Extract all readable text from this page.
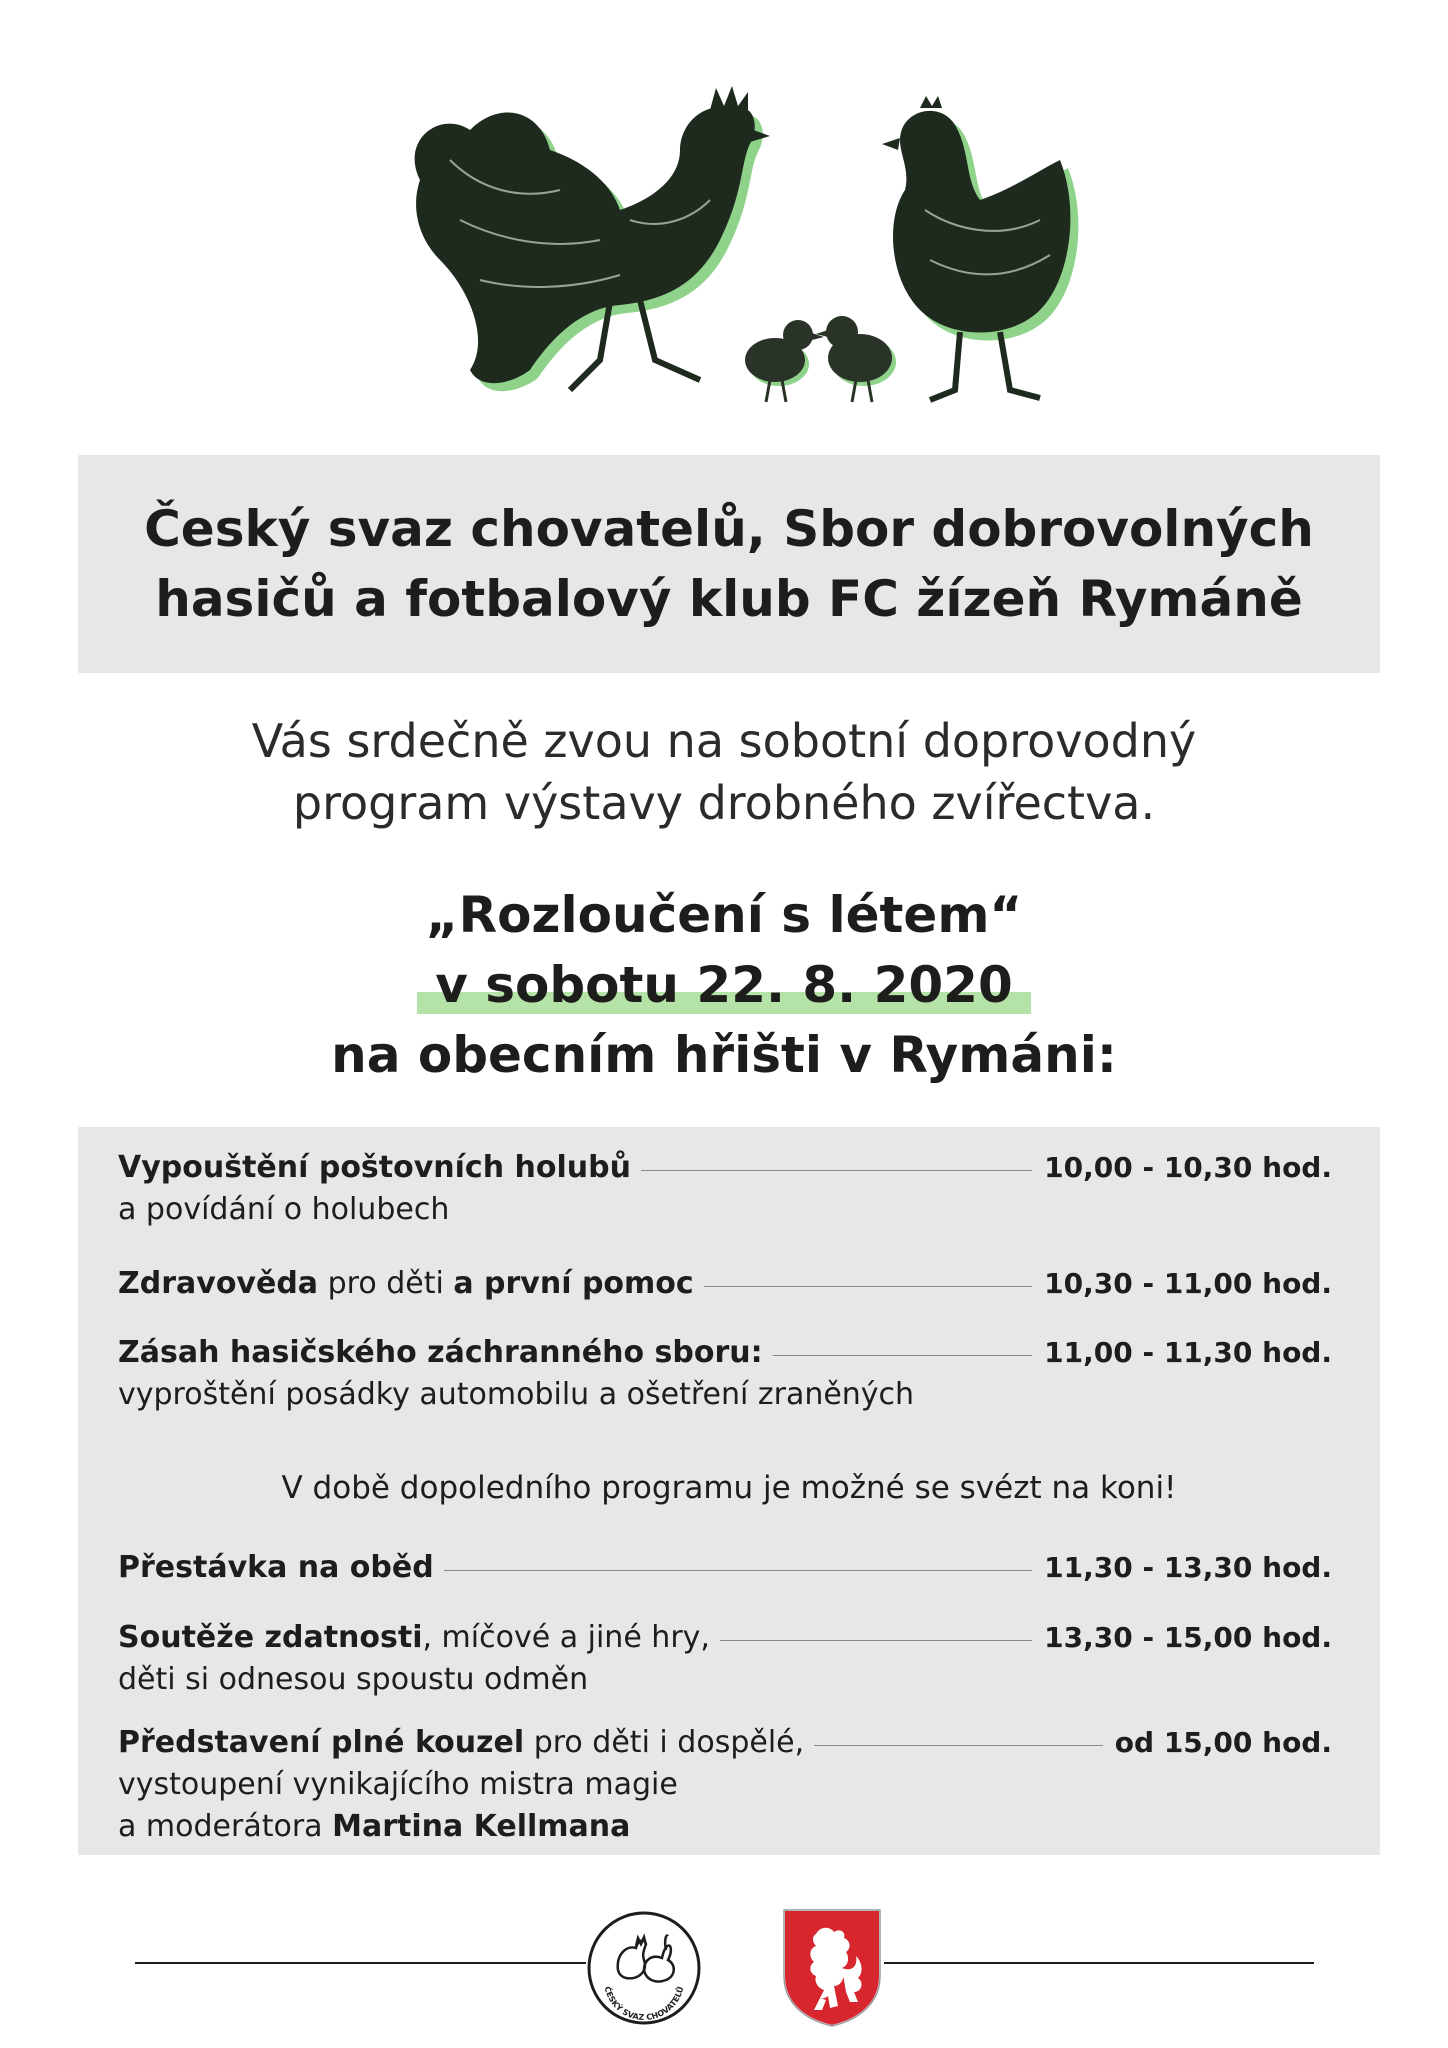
Český svaz chovatelů, Sbor dobrovolných
hasičů a fotbalový klub FC žízeň Rymáně
Vás srdečně zvou na sobotní doprovodný
program výstavy drobného zvířectva.
„Rozloučení s létem“
v sobotu 22. 8. 2020
na obecním hřišti v Rymáni:
Vypouštění poštovních holubů	10,00 - 10,30 hod.
a povídání o holubech
Zdravověda pro děti a první pomoc	10,30 - 11,00 hod.
Zásah hasičského záchranného sboru:	11,00 - 11,30 hod.
vyproštění posádky automobilu a ošetření zraněných
V době dopoledního programu je možné se svézt na koni!
Přestávka na oběd	11,30 - 13,30 hod.
Soutěže zdatnosti, míčové a jiné hry,	13,30 - 15,00 hod.
děti si odnesou spoustu odměn
Představení plné kouzel pro děti i dospělé,	od 15,00 hod.
vystoupení vynikajícího mistra magie
a moderátora Martina Kellmana
ČESKÝ SVAZ CHOVATELŮ
